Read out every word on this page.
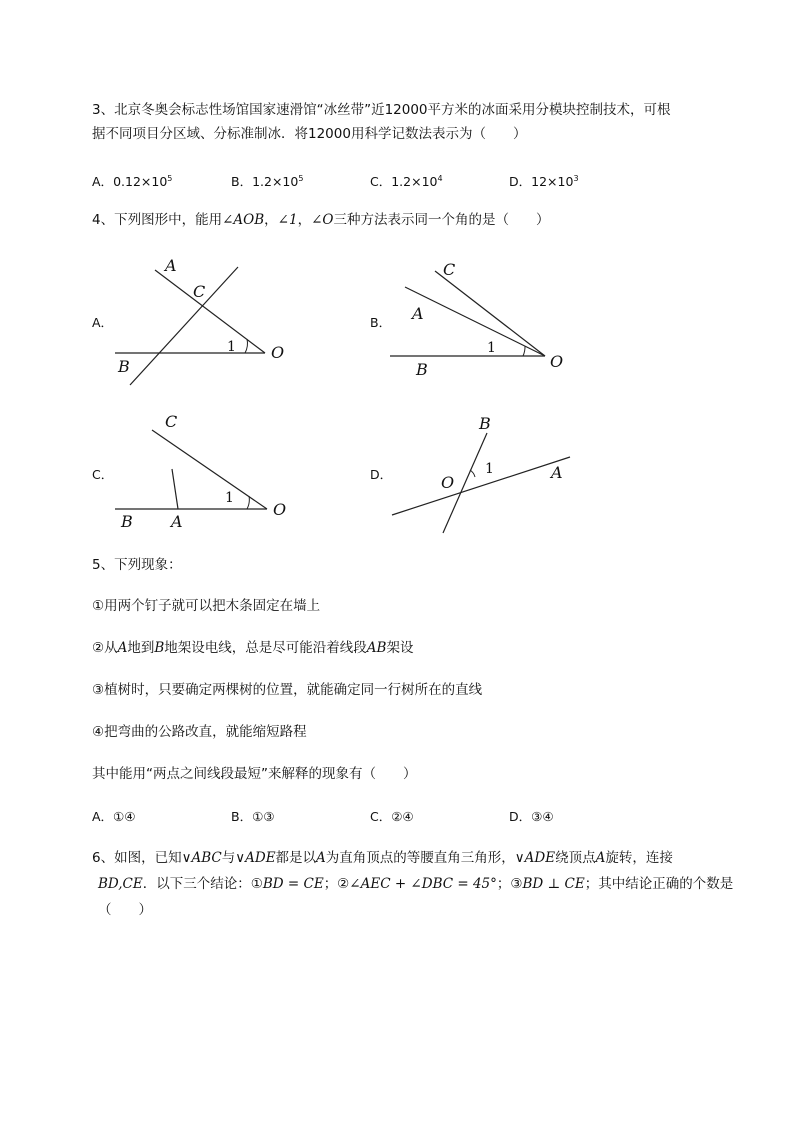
3、北京冬奥会标志性场馆国家速滑馆“冰丝带”近12000平方米的冰面采用分模块控制技术，可根
据不同项目分区域、分标准制冰．将12000用科学记数法表示为（　　）
A．$0.12\times 10^5$	B．$1.2\times 10^5$	C．$1.2\times 10^4$	D．$12\times 10^3$
4、下列图形中，能用∠AOB，∠1，∠O三种方法表示同一个角的是（　　）
A．
A
C
1 O
B
B．
C
A
1
O
B
C．
C
1
O
B A
D．
B
1
O
A
5、下列现象：
①用两个钉子就可以把木条固定在墙上
②从A地到B地架设电线，总是尽可能沿着线段AB架设
③植树时，只要确定两棵树的位置，就能确定同一行树所在的直线
④把弯曲的公路改直，就能缩短路程
其中能用“两点之间线段最短”来解释的现象有（　　）
A．①④	B．①③	C．②④	D．③④
6、如图，已知∨ABC与∨ADE都是以A为直角顶点的等腰直角三角形，∨ADE绕顶点A旋转，连接
BD,CE．以下三个结论：①BD = CE；②∠AEC + ∠DBC = 45°；③BD ⊥ CE；其中结论正确的个数是
（　　）
